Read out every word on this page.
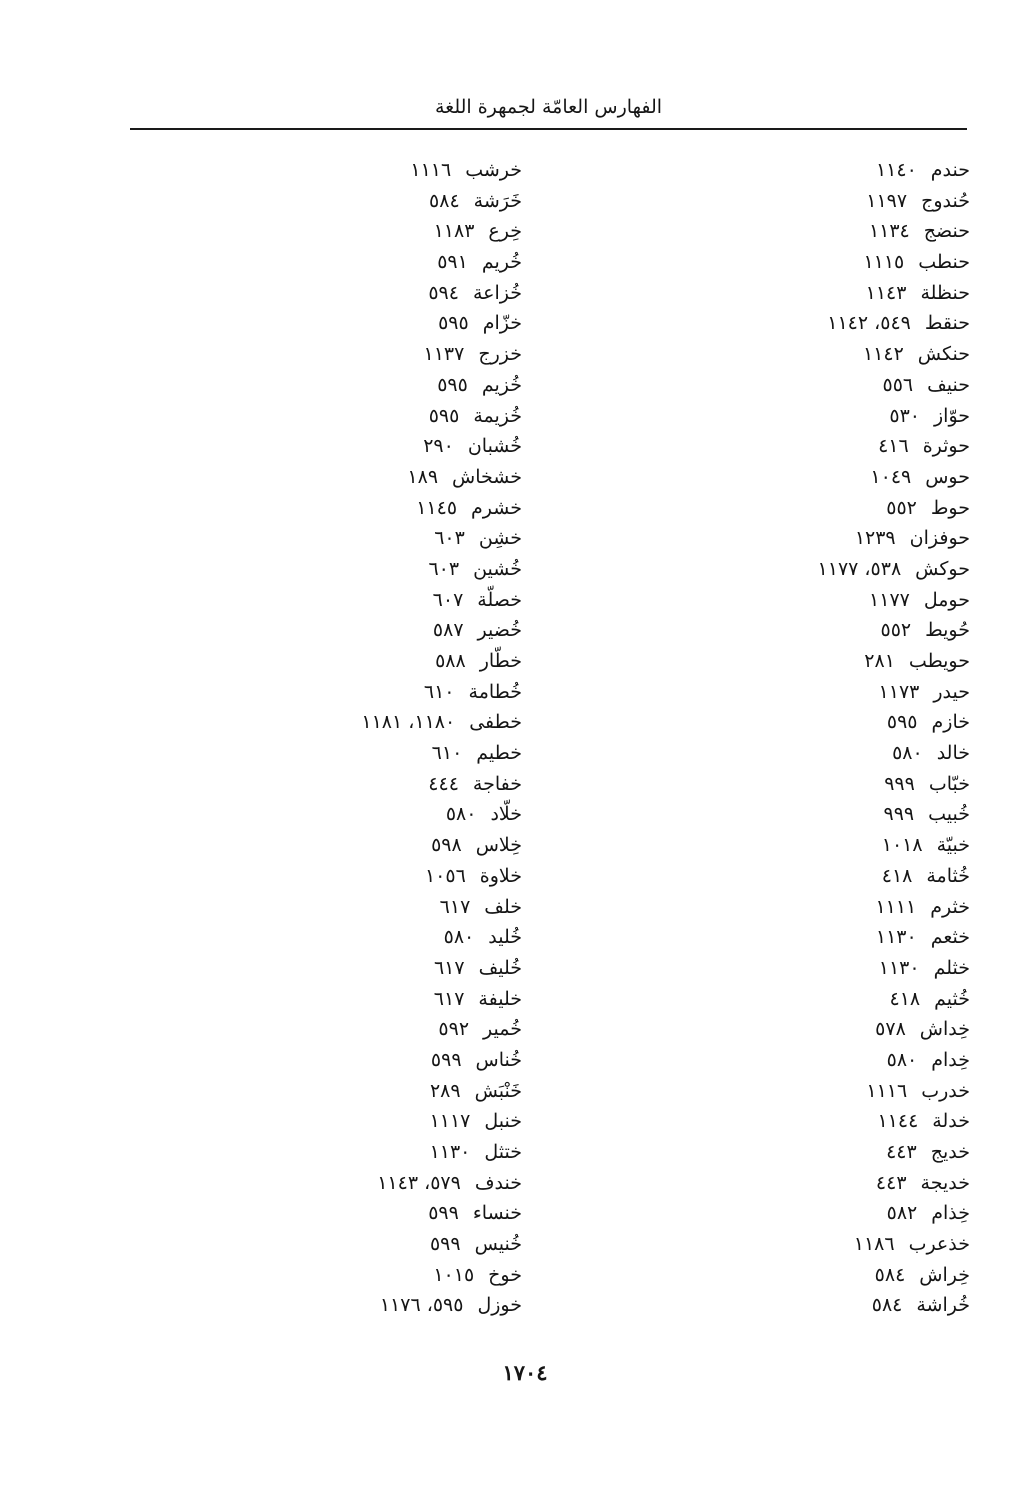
الفهارس العامّة لجمهرة اللغة
حندم١١٤٠
حُندوج١١٩٧
حنضج١١٣٤
حنطب١١١٥
حنظلة١١٤٣
حنقط٥٤٩، ١١٤٢
حنكش١١٤٢
حنيف٥٥٦
حوّاز٥٣٠
حوثرة٤١٦
حوس١٠٤٩
حوط٥٥٢
حوفزان١٢٣٩
حوكش٥٣٨، ١١٧٧
حومل١١٧٧
حُويط٥٥٢
حويطب٢٨١
حيدر١١٧٣
خازم٥٩٥
خالد٥٨٠
خبّاب٩٩٩
خُبيب٩٩٩
خبيّة١٠١٨
خُثامة٤١٨
خثرم١١١١
خثعم١١٣٠
خثلم١١٣٠
خُثيم٤١٨
خِداش٥٧٨
خِدام٥٨٠
خدرب١١١٦
خدلة١١٤٤
خديج٤٤٣
خديجة٤٤٣
خِذام٥٨٢
خذعرب١١٨٦
خِراش٥٨٤
خُراشة٥٨٤
خرشب١١١٦
خَرَشة٥٨٤
خِرع١١٨٣
خُريم٥٩١
خُزاعة٥٩٤
خزّام٥٩٥
خزرج١١٣٧
خُزيم٥٩٥
خُزيمة٥٩٥
خُشبان٢٩٠
خشخاش١٨٩
خشرم١١٤٥
خشِن٦٠٣
خُشين٦٠٣
خصلّة٦٠٧
خُضير٥٨٧
خطّار٥٨٨
خُطامة٦١٠
خطفى١١٨٠، ١١٨١
خطيم٦١٠
خفاجة٤٤٤
خلّاد٥٨٠
خِلاس٥٩٨
خلاوة١٠٥٦
خلف٦١٧
خُليد٥٨٠
خُليف٦١٧
خليفة٦١٧
خُمير٥٩٢
خُناس٥٩٩
خَنْبَش٢٨٩
خنبل١١١٧
ختثل١١٣٠
خندف٥٧٩، ١١٤٣
خنساء٥٩٩
خُنيس٥٩٩
خوخ١٠١٥
خوزل٥٩٥، ١١٧٦
١٧٠٤
